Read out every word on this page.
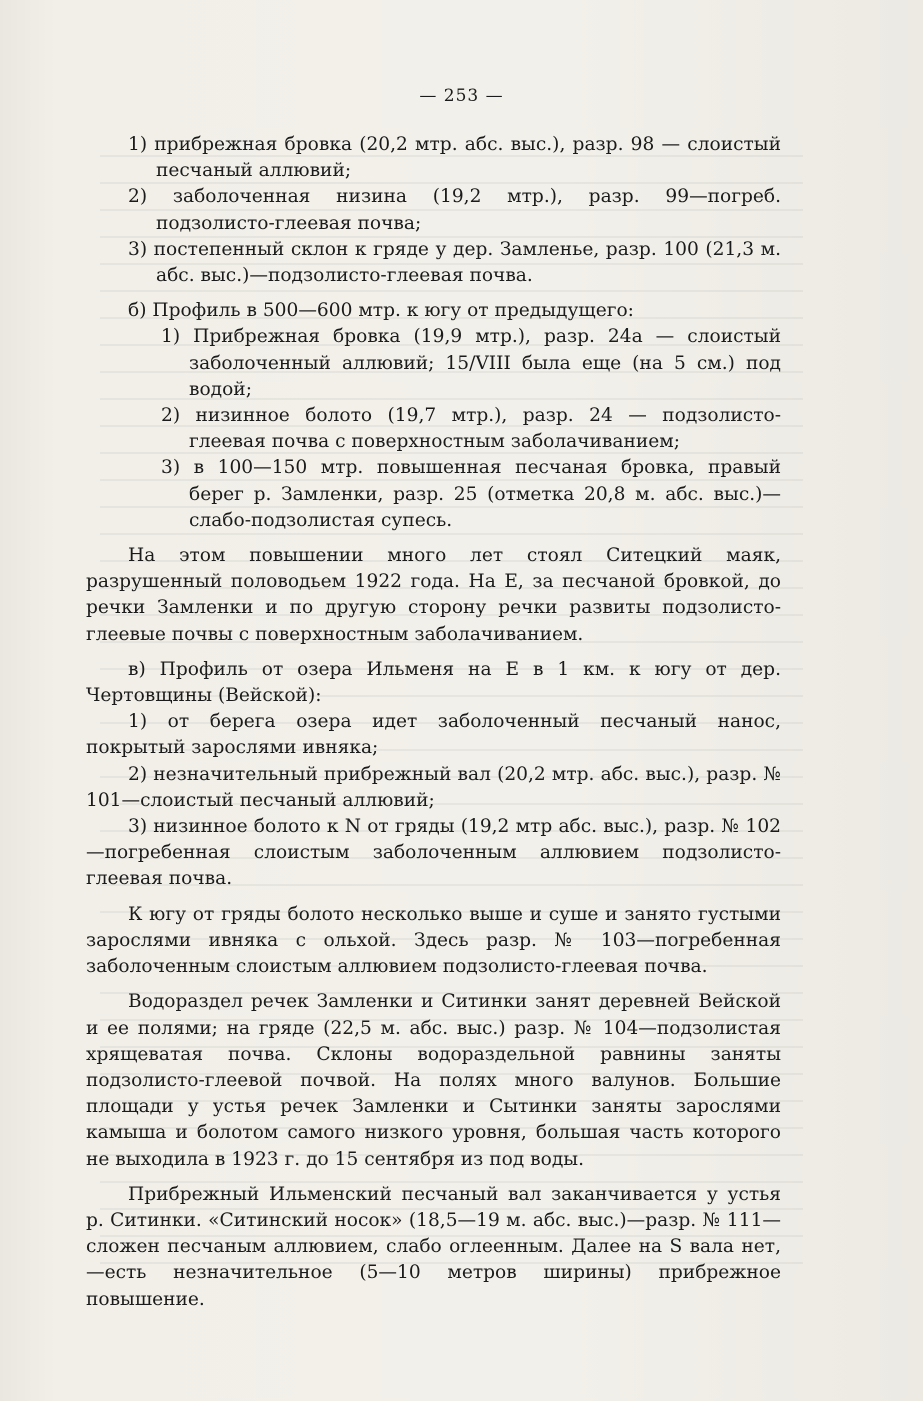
— 253 —

1) прибрежная бровка (20,2 мтр. абс. выс.), разр. 98 — слоистый песчаный аллювий;

2) заболоченная низина (19,2 мтр.), разр. 99—погреб. подзолисто-глеевая почва;

3) постепенный склон к гряде у дер. Замленье, разр. 100 (21,3 м. абс. выс.)—подзолисто-глеевая почва.

б) Профиль в 500—600 мтр. к югу от предыдущего:

1) Прибрежная бровка (19,9 мтр.), разр. 24а — слоистый заболоченный аллювий; 15/VIII была еще (на 5 см.) под водой;

2) низинное болото (19,7 мтр.), разр. 24 — подзолисто-глеевая почва с поверхностным заболачиванием;

3) в 100—150 мтр. повышенная песчаная бровка, правый берег р. Замленки, разр. 25 (отметка 20,8 м. абс. выс.)—слабо-подзолистая супесь.

На этом повышении много лет стоял Ситецкий маяк, разрушенный половодьем 1922 года. На Е, за песчаной бровкой, до речки Замленки и по другую сторону речки развиты подзолисто-глеевые почвы с поверхностным заболачиванием.

в) Профиль от озера Ильменя на Е в 1 км. к югу от дер. Чертовщины (Вейской):

1) от берега озера идет заболоченный песчаный нанос, покрытый зарослями ивняка;

2) незначительный прибрежный вал (20,2 мтр. абс. выс.), разр. № 101—слоистый песчаный аллювий;

3) низинное болото к N от гряды (19,2 мтр абс. выс.), разр. № 102—погребенная слоистым заболоченным аллювием подзолисто-глеевая почва.

К югу от гряды болото несколько выше и суше и занято густыми зарослями ивняка с ольхой. Здесь разр. № 103—погребенная заболоченным слоистым аллювием подзолисто-глеевая почва.

Водораздел речек Замленки и Ситинки занят деревней Вейской и ее полями; на гряде (22,5 м. абс. выс.) разр. № 104—подзолистая хрящеватая почва. Склоны водораздельной равнины заняты подзолисто-глеевой почвой. На полях много валунов. Большие площади у устья речек Замленки и Сытинки заняты зарослями камыша и болотом самого низкого уровня, большая часть которого не выходила в 1923 г. до 15 сентября из под воды.

Прибрежный Ильменский песчаный вал заканчивается у устья р. Ситинки. «Ситинский носок» (18,5—19 м. абс. выс.)—разр. № 111—сложен песчаным аллювием, слабо оглеенным. Далее на S вала нет,—есть незначительное (5—10 метров ширины) прибрежное повышение.
